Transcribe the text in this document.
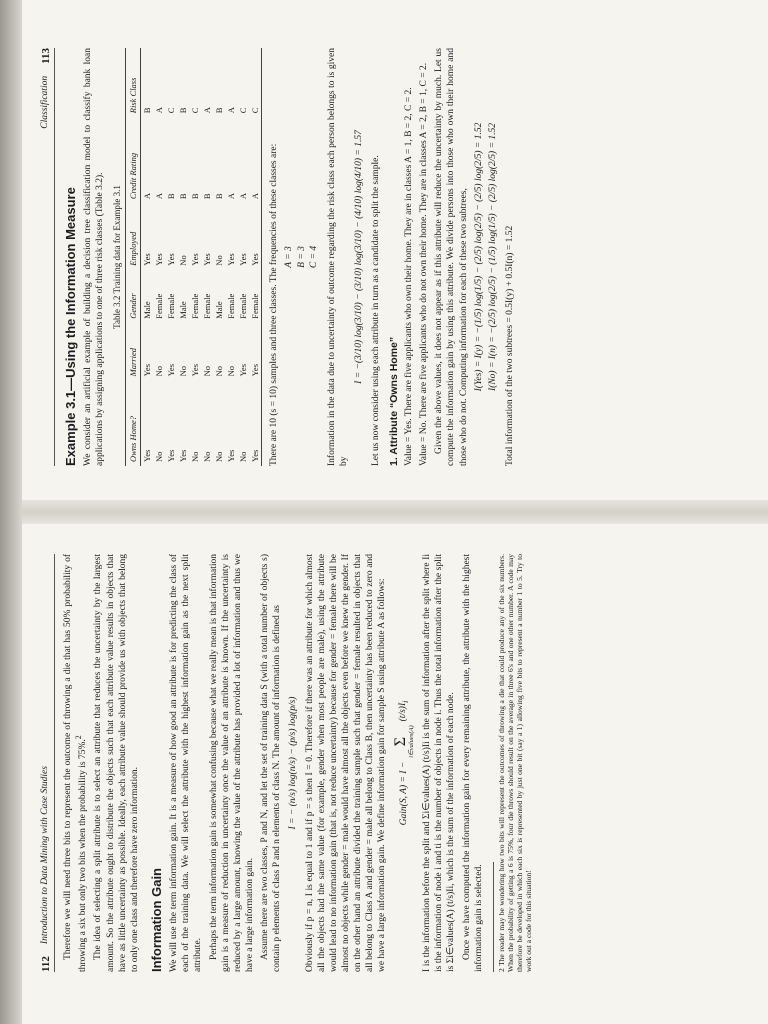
112
Introduction to Data Mining with Case Studies Therefore we will need three bits to represent the outcome of throwing a die that has 50% probability of throwing a six but only two bits when the probability is 75%.$^2$	The idea of selecting a split attribute is to select an attribute that reduces the uncertainty by the largest amount. So the attribute ought to distribute the objects such that each attribute value results in objects that have as little uncertainty as possible. Ideally, each attribute value should provide us with objects that belong to only one class and therefore have zero information. Information Gain We will use the term information gain. It is a measure of how good an attribute is for predicting the class of each of the training data. We will select the attribute with the highest information gain as the next split attribute. Perhaps the term information gain is somewhat confusing because what we really mean is that information gain is a measure of reduction in uncertainty once the value of an attribute is known. If the uncertainty is reduced by a large amount, knowing the value of the attribute has provided a lot of information and thus we have a large information gain. Assume there are two classes, P and N, and let the set of training data S (with a total number of objects s) contain p elements of class P and n elements of class N. The amount of information is defined as I = − (n/s) log(n/s) − (p/s) log(p/s) Obviously if p = n, I is equal to 1 and if p = s then I = 0. Therefore if there was an attribute for which almost all the objects had the same value (for example, gender when most people are male), using the attribute would lead to no information gain (that is, not reduce uncertainty) because for gender = female there will be almost no objects while gender = male would have almost all the objects even before we knew the gender. If on the other hand an attribute divided the training sample such that gender = female resulted in objects that all belong to Class A and gender = male all belong to Class B, then uncertainty has been reduced to zero and we have a large information gain. We define information gain for sample S using attribute A as follows: Gain(S, A) = I −
Σ i∈values(A)
$(t/s)I_i$ I is the information before the split and Σi∈values(A) (t/s)Ii is the sum of information after the split where Ii is the information of node i and ti is the number of objects in node i. Thus the total information after the split is Σi∈values(A) (t/s)Ii, which is the sum of the information of each node. Once we have computed the information gain for every remaining attribute, the attribute with the highest information gain is selected. 2 The reader may be wondering how two bits will represent the outcomes of throwing a die that could produce any of the six numbers. When the probability of getting a 6 is 75%, four die throws should result on the average in three 6's and one other number. A code may therefore be developed in which each six is represented by just one bit (say a 1) allowing five bits to represent a number 1 to 5. Try to work out a code for this situation!

Classification
113
Example 3.1—Using the Information Measure We consider an artificial example of building a decision tree classification model to classify bank loan applications by assigning applications to one of three risk classes (Table 3.2). Table 3.2 Training data for Example 3.1
Owns Home?	Married	Gender	Employed	Credit Rating	Risk Class
Yes	Yes	Male	Yes	A	B
No	No	Female	Yes	A	A
Yes	Yes	Female	Yes	B	C
Yes	No	Male	No	B	B
No	Yes	Female	Yes	B	C
No	No	Female	Yes	B	A
No	No	Male	No	B	B
Yes	No	Female	Yes	A	A
No	Yes	Female	Yes	A	C
Yes	Yes	Female	Yes	A	C

There are 10 (s = 10) samples and three classes. The frequencies of these classes are: A = 3 B = 3 C = 4 Information in the data due to uncertainty of outcome regarding the risk class each person belongs to is given by

I = −(3/10) log(3/10) − (3/10) log(3/10) − (4/10) log(4/10) = 1.57 Let us now consider using each attribute in turn as a candidate to split the sample. 1. Attribute “Owns Home” Value = Yes. There are five applicants who own their home. They are in classes A = 1, B = 2, C = 2. Value = No. There are five applicants who do not own their home. They are in classes A = 2, B = 1, C = 2. Given the above values, it does not appear as if this attribute will reduce the uncertainty by much. Let us compute the information gain by using this attribute. We divide persons into those who own their home and those who do not. Computing information for each of these two subtrees, I(Yes) = I(y) = −(1/5) log(1/5) − (2/5) log(2/5) − (2/5) log(2/5) = 1.52 I(No) = I(n) = −(2/5) log(2/5) − (1/5) log(1/5) − (2/5) log(2/5) = 1.52 Total information of the two subtrees = 0.5I(y) + 0.5I(n) = 1.52
